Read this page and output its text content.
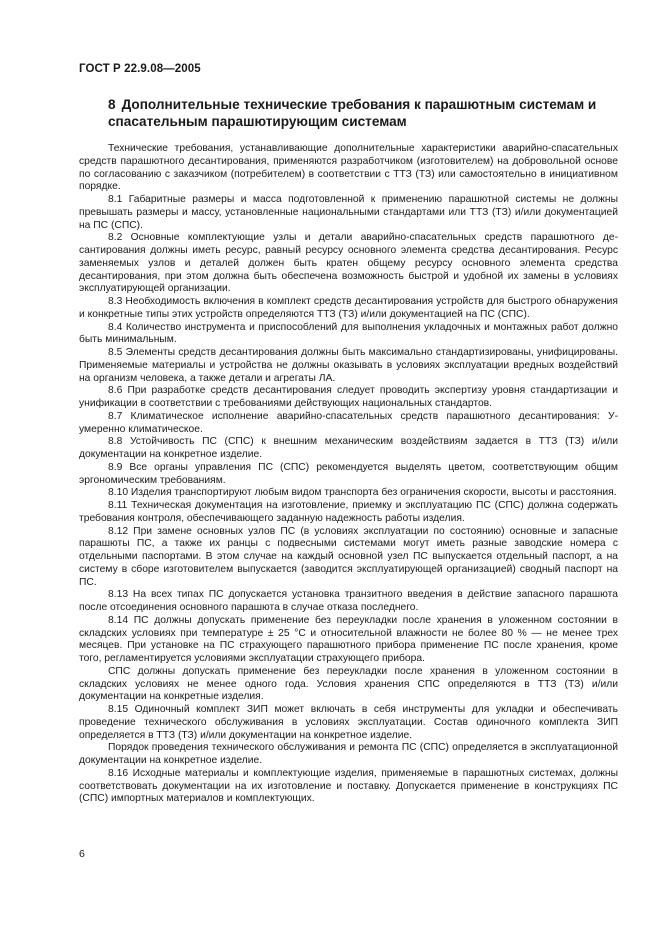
ГОСТ Р 22.9.08—2005
8 Дополнительные технические требования к парашютным системам и спасательным парашютирующим системам

Технические требования, устанавливающие дополнительные характеристики аварийно-спасательных средств парашютного десантирования, применяются разработчиком (изготовителем) на добровольной основе по согласованию с заказчиком (потребителем) в соответствии с ТТЗ (ТЗ) или самостоятельно в инициативном порядке.

8.1 Габаритные размеры и масса подготовленной к применению парашютной системы не должны превышать размеры и массу, установленные национальными стандартами или ТТЗ (ТЗ) и/или документацией на ПС (СПС).

8.2 Основные комплектующие узлы и детали аварийно-спасательных средств парашютного десантирования должны иметь ресурс, равный ресурсу основного элемента средства десантирования. Ресурс заменяемых узлов и деталей должен быть кратен общему ресурсу основного элемента средства десантирования, при этом должна быть обеспечена возможность быстрой и удобной их замены в условиях эксплуатирующей организации.

8.3 Необходимость включения в комплект средств десантирования устройств для быстрого обнаружения и конкретные типы этих устройств определяются ТТЗ (ТЗ) и/или документацией на ПС (СПС).

8.4 Количество инструмента и приспособлений для выполнения укладочных и монтажных работ должно быть минимальным.

8.5 Элементы средств десантирования должны быть максимально стандартизированы, унифицированы. Применяемые материалы и устройства не должны оказывать в условиях эксплуатации вредных воздействий на организм человека, а также детали и агрегаты ЛА.

8.6 При разработке средств десантирования следует проводить экспертизу уровня стандартизации и унификации в соответствии с требованиями действующих национальных стандартов.

8.7 Климатическое исполнение аварийно-спасательных средств парашютного десантирования: У-умеренно климатическое.

8.8 Устойчивость ПС (СПС) к внешним механическим воздействиям задается в ТТЗ (ТЗ) и/или документации на конкретное изделие.

8.9 Все органы управления ПС (СПС) рекомендуется выделять цветом, соответствующим общим эргономическим требованиям.

8.10 Изделия транспортируют любым видом транспорта без ограничения скорости, высоты и расстояния.

8.11 Техническая документация на изготовление, приемку и эксплуатацию ПС (СПС) должна содержать требования контроля, обеспечивающего заданную надежность работы изделия.

8.12 При замене основных узлов ПС (в условиях эксплуатации по состоянию) основные и запасные парашюты ПС, а также их ранцы с подвесными системами могут иметь разные заводские номера с отдельными паспортами. В этом случае на каждый основной узел ПС выпускается отдельный паспорт, а на систему в сборе изготовителем выпускается (заводится эксплуатирующей организацией) сводный паспорт на ПС.

8.13 На всех типах ПС допускается установка транзитного введения в действие запасного парашюта после отсоединения основного парашюта в случае отказа последнего.

8.14 ПС должны допускать применение без переукладки после хранения в уложенном состоянии в складских условиях при температуре ± 25 °C и относительной влажности не более 80 % — не менее трех месяцев. При установке на ПС страхующего парашютного прибора применение ПС после хранения, кроме того, регламентируется условиями эксплуатации страхующего прибора.

СПС должны допускать применение без переукладки после хранения в уложенном состоянии в складских условиях не менее одного года. Условия хранения СПС определяются в ТТЗ (ТЗ) и/или документации на конкретные изделия.

8.15 Одиночный комплект ЗИП может включать в себя инструменты для укладки и обеспечивать проведение технического обслуживания в условиях эксплуатации. Состав одиночного комплекта ЗИП определяется в ТТЗ (ТЗ) и/или документации на конкретное изделие.

Порядок проведения технического обслуживания и ремонта ПС (СПС) определяется в эксплуатационной документации на конкретное изделие.

8.16 Исходные материалы и комплектующие изделия, применяемые в парашютных системах, должны соответствовать документации на их изготовление и поставку. Допускается применение в конструкциях ПС (СПС) импортных материалов и комплектующих.

6
